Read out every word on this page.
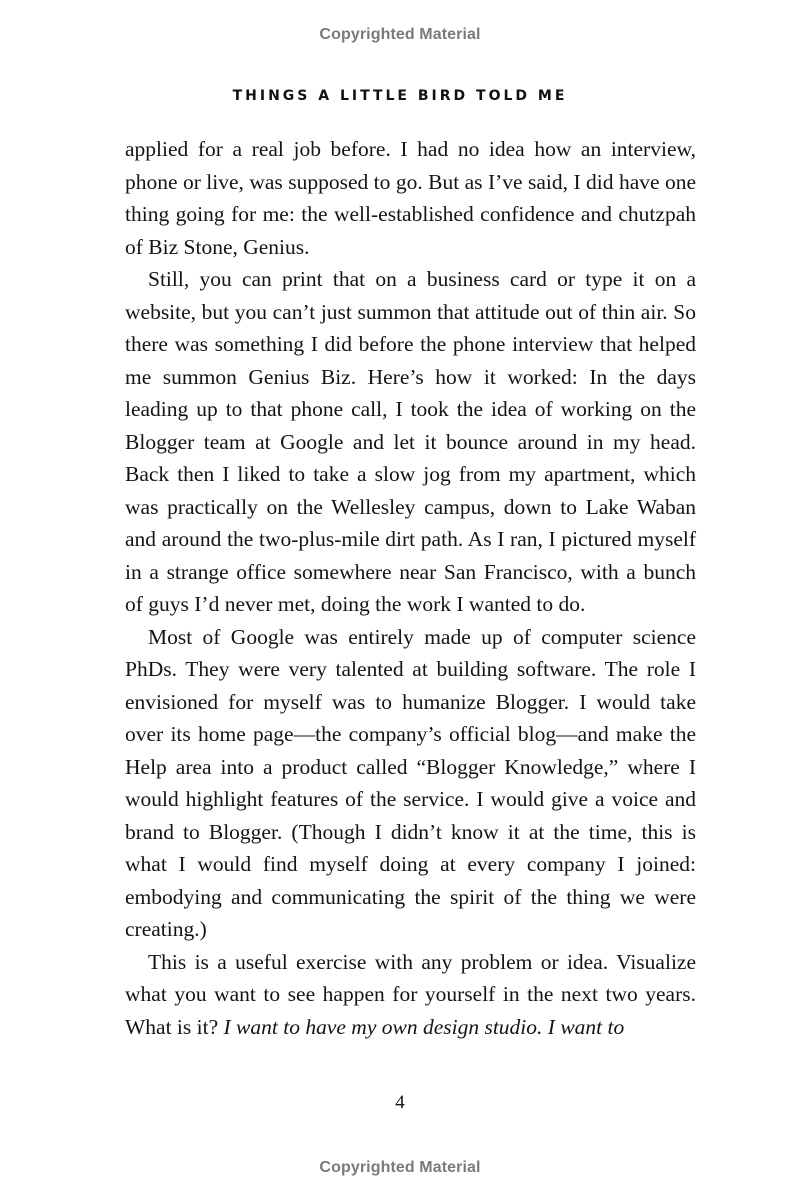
Copyrighted Material
THINGS A LITTLE BIRD TOLD ME

applied for a real job before. I had no idea how an interview, phone or live, was supposed to go. But as I’ve said, I did have one thing going for me: the well-established confidence and chutzpah of Biz Stone, Genius.

Still, you can print that on a business card or type it on a website, but you can’t just summon that attitude out of thin air. So there was something I did before the phone interview that helped me summon Genius Biz. Here’s how it worked: In the days leading up to that phone call, I took the idea of working on the Blogger team at Google and let it bounce around in my head. Back then I liked to take a slow jog from my apartment, which was practically on the Wellesley campus, down to Lake Waban and around the two-plus-mile dirt path. As I ran, I pictured myself in a strange office somewhere near San Francisco, with a bunch of guys I’d never met, doing the work I wanted to do.

Most of Google was entirely made up of computer science PhDs. They were very talented at building software. The role I envisioned for myself was to humanize Blogger. I would take over its home page—the company’s official blog—and make the Help area into a product called “Blogger Knowledge,” where I would highlight features of the service. I would give a voice and brand to Blogger. (Though I didn’t know it at the time, this is what I would find myself doing at every company I joined: embodying and communicating the spirit of the thing we were creating.)

This is a useful exercise with any problem or idea. Visualize what you want to see happen for yourself in the next two years. What is it? I want to have my own design studio. I want to

4
Copyrighted Material
